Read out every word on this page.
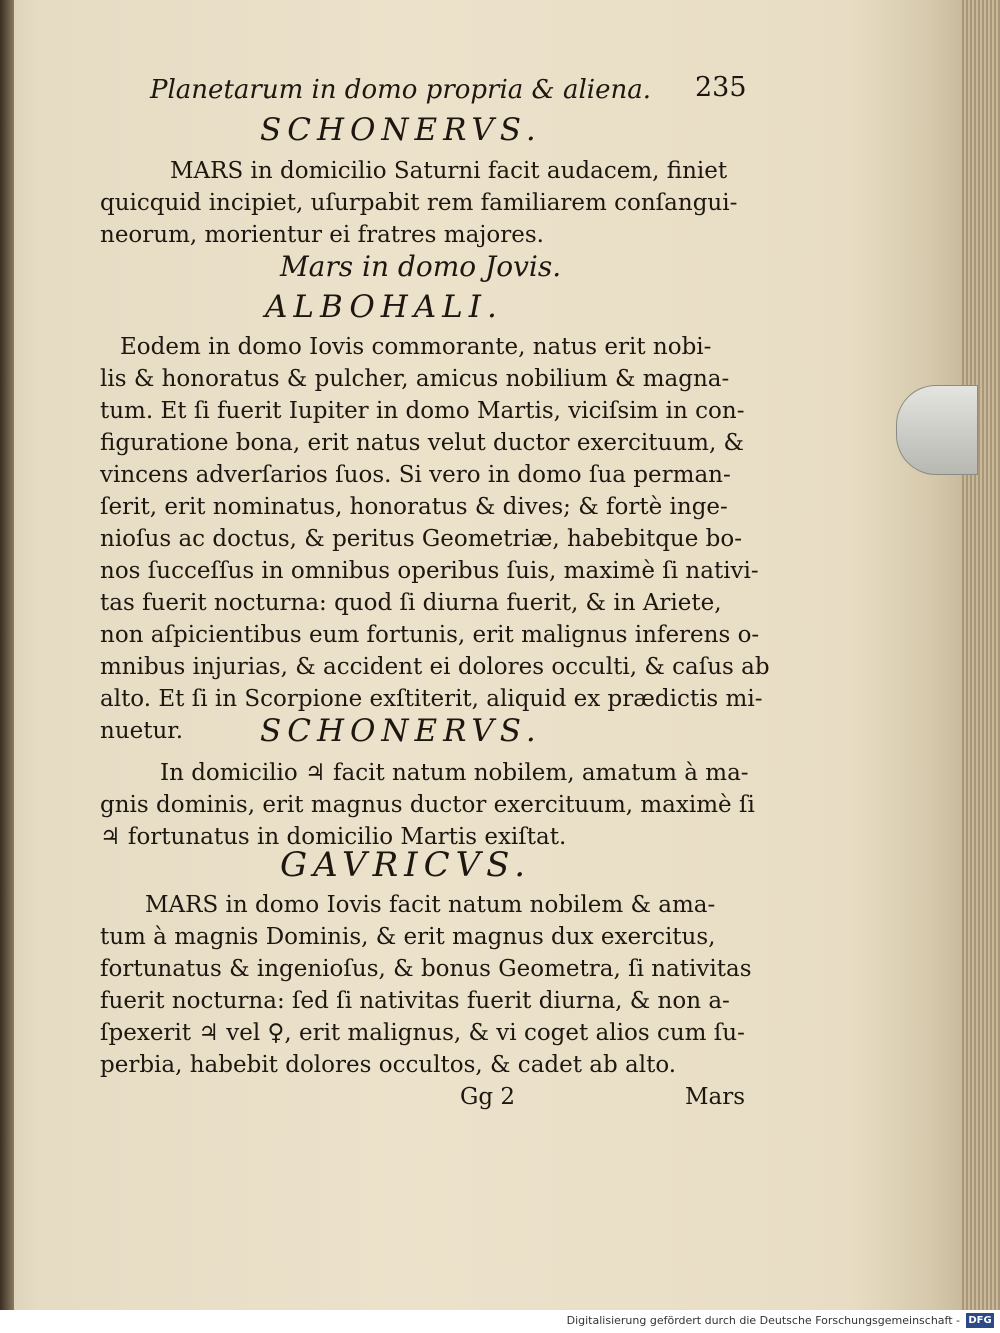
Planetarum in domo propria & aliena. 235
SCHONERVS.
MARS in domicilio Saturni facit audacem, finiet
quicquid incipiet, uſurpabit rem familiarem conſangui-
neorum, morientur ei fratres majores.
Mars in domo Jovis.
ALBOHALI.
Eodem in domo Iovis commorante, natus erit nobi-
lis & honoratus & pulcher, amicus nobilium & magna-
tum. Et ſi fuerit Iupiter in domo Martis, viciſsim in con-
figuratione bona, erit natus velut ductor exercituum, &
vincens adverſarios ſuos. Si vero in domo ſua perman-
ſerit, erit nominatus, honoratus & dives; & fortè inge-
nioſus ac doctus, & peritus Geometriæ, habebitque bo-
nos ſucceſſus in omnibus operibus ſuis, maximè ſi nativi-
tas fuerit nocturna: quod ſi diurna fuerit, & in Ariete,
non aſpicientibus eum fortunis, erit malignus inferens o-
mnibus injurias, & accident ei dolores occulti, & caſus ab
alto. Et ſi in Scorpione exſtiterit, aliquid ex prædictis mi-
nuetur. SCHONERVS.
In domicilio ♃ facit natum nobilem, amatum à ma-
gnis dominis, erit magnus ductor exercituum, maximè ſi
♃ fortunatus in domicilio Martis exiſtat.
GAVRICVS.
MARS in domo Iovis facit natum nobilem & ama-
tum à magnis Dominis, & erit magnus dux exercitus,
fortunatus & ingenioſus, & bonus Geometra, ſi nativitas
fuerit nocturna: ſed ſi nativitas fuerit diurna, & non a-
ſpexerit ♃ vel ♀, erit malignus, & vi coget alios cum ſu-
perbia, habebit dolores occultos, & cadet ab alto.
Gg 2	Mars
Digitalisierung gefördert durch die Deutsche Forschungsgemeinschaft - DFG
